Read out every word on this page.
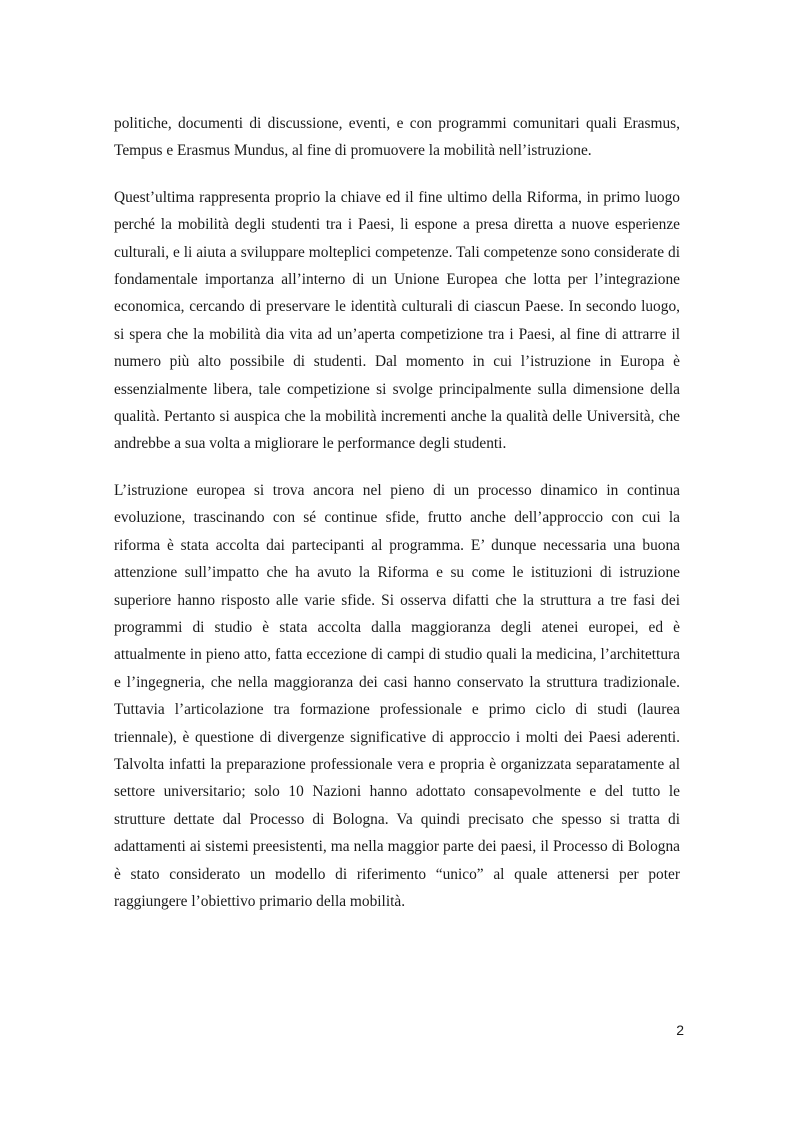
politiche, documenti di discussione, eventi, e con programmi comunitari quali Erasmus, Tempus e Erasmus Mundus, al fine di promuovere la mobilità nell’istruzione.

Quest’ultima rappresenta proprio la chiave ed il fine ultimo della Riforma, in primo luogo perché la mobilità degli studenti tra i Paesi, li espone a presa diretta a nuove esperienze culturali, e li aiuta a sviluppare molteplici competenze. Tali competenze sono considerate di fondamentale importanza all’interno di un Unione Europea che lotta per l’integrazione economica, cercando di preservare le identità culturali di ciascun Paese. In secondo luogo, si spera che la mobilità dia vita ad un’aperta competizione tra i Paesi, al fine di attrarre il numero più alto possibile di studenti. Dal momento in cui l’istruzione in Europa è essenzialmente libera, tale competizione si svolge principalmente sulla dimensione della qualità. Pertanto si auspica che la mobilità incrementi anche la qualità delle Università, che andrebbe a sua volta a migliorare le performance degli studenti.

L’istruzione europea si trova ancora nel pieno di un processo dinamico in continua evoluzione, trascinando con sé continue sfide, frutto anche dell’approccio con cui la riforma è stata accolta dai partecipanti al programma. E’ dunque necessaria una buona attenzione sull’impatto che ha avuto la Riforma e su come le istituzioni di istruzione superiore hanno risposto alle varie sfide. Si osserva difatti che la struttura a tre fasi dei programmi di studio è stata accolta dalla maggioranza degli atenei europei, ed è attualmente in pieno atto, fatta eccezione di campi di studio quali la medicina, l’architettura e l’ingegneria, che nella maggioranza dei casi hanno conservato la struttura tradizionale. Tuttavia l’articolazione tra formazione professionale e primo ciclo di studi (laurea triennale), è questione di divergenze significative di approccio i molti dei Paesi aderenti. Talvolta infatti la preparazione professionale vera e propria è organizzata separatamente al settore universitario; solo 10 Nazioni hanno adottato consapevolmente e del tutto le strutture dettate dal Processo di Bologna. Va quindi precisato che spesso si tratta di adattamenti ai sistemi preesistenti, ma nella maggior parte dei paesi, il Processo di Bologna è stato considerato un modello di riferimento “unico” al quale attenersi per poter raggiungere l’obiettivo primario della mobilità.

2
